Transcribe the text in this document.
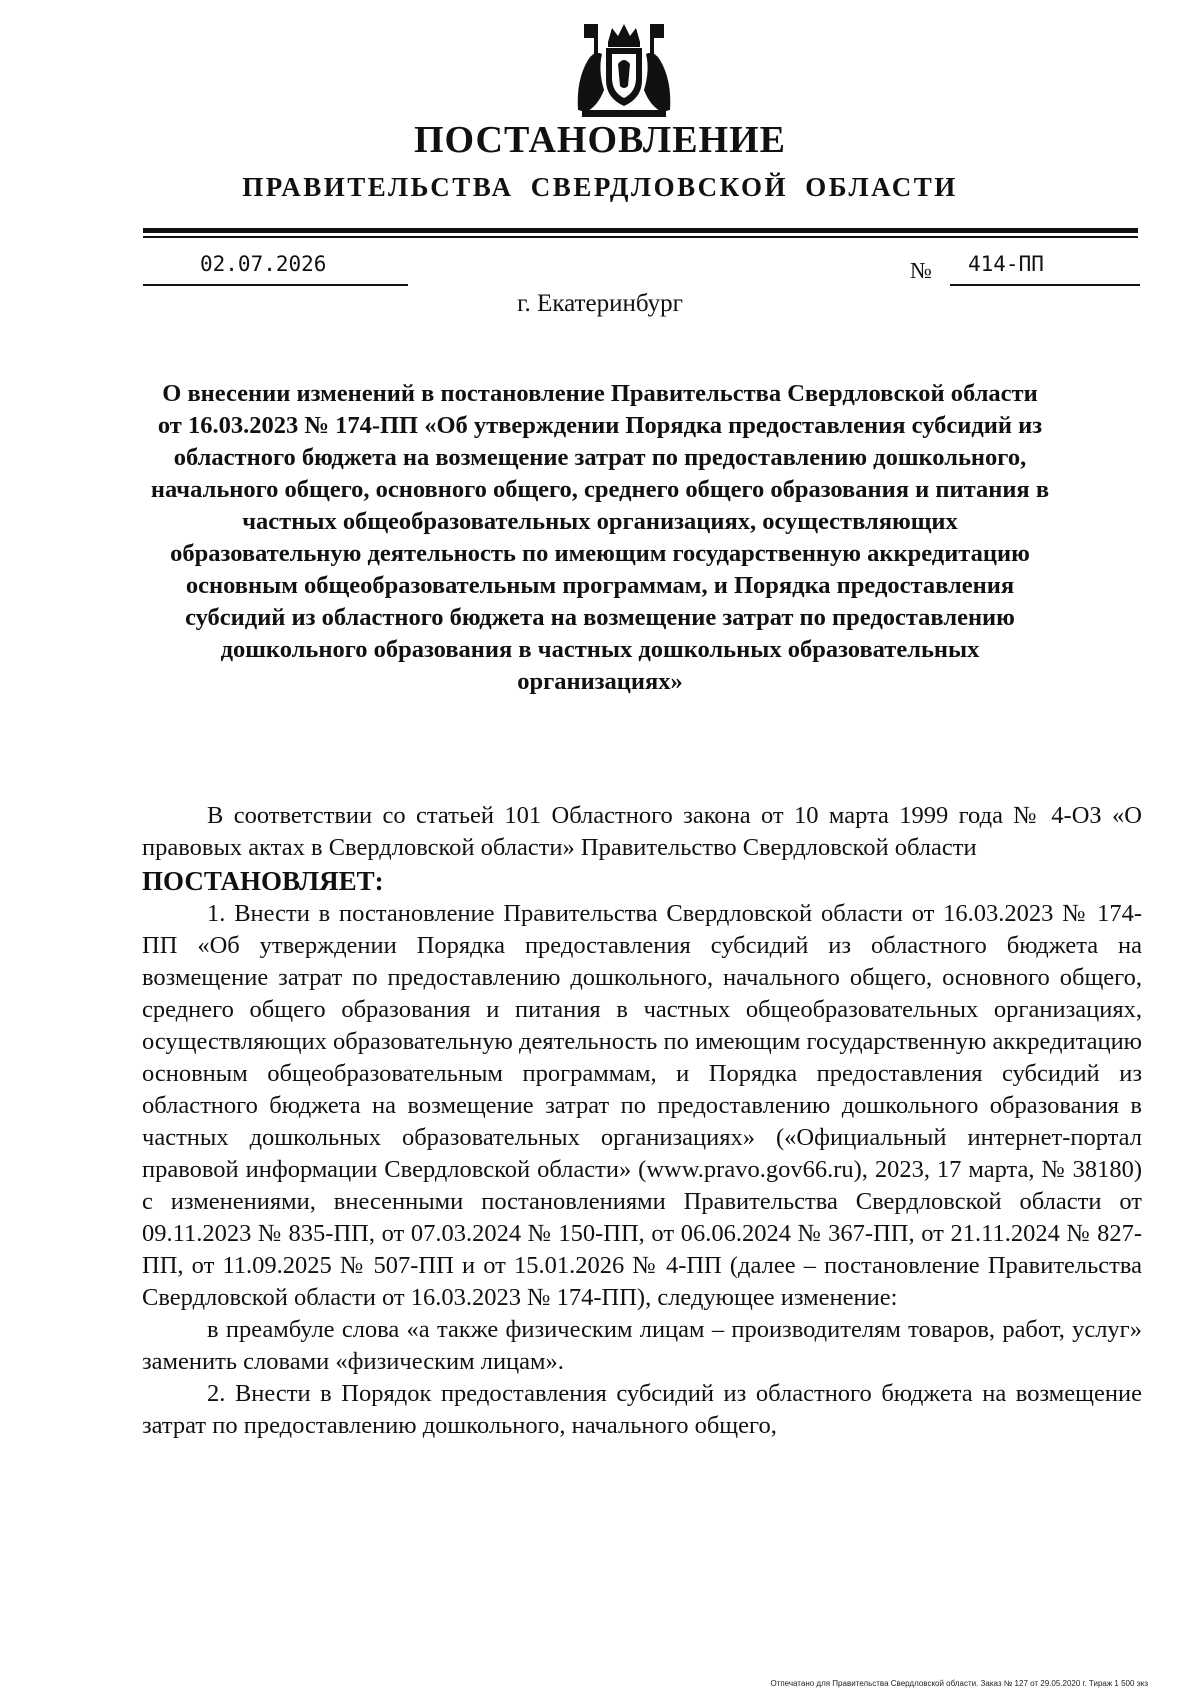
ПОСТАНОВЛЕНИЕ
ПРАВИТЕЛЬСТВА СВЕРДЛОВСКОЙ ОБЛАСТИ
02.07.2026	№ 414-ПП
г. Екатеринбург
О внесении изменений в постановление Правительства Свердловской области от 16.03.2023 № 174-ПП «Об утверждении Порядка предоставления субсидий из областного бюджета на возмещение затрат по предоставлению дошкольного, начального общего, основного общего, среднего общего образования и питания в частных общеобразовательных организациях, осуществляющих образовательную деятельность по имеющим государственную аккредитацию основным общеобразовательным программам, и Порядка предоставления субсидий из областного бюджета на возмещение затрат по предоставлению дошкольного образования в частных дошкольных образовательных организациях»

В соответствии со статьей 101 Областного закона от 10 марта 1999 года № 4-ОЗ «О правовых актах в Свердловской области» Правительство Свердловской области

ПОСТАНОВЛЯЕТ:

1. Внести в постановление Правительства Свердловской области от 16.03.2023 № 174-ПП «Об утверждении Порядка предоставления субсидий из областного бюджета на возмещение затрат по предоставлению дошкольного, начального общего, основного общего, среднего общего образования и питания в частных общеобразовательных организациях, осуществляющих образовательную деятельность по имеющим государственную аккредитацию основным общеобразовательным программам, и Порядка предоставления субсидий из областного бюджета на возмещение затрат по предоставлению дошкольного образования в частных дошкольных образовательных организациях» («Официальный интернет-портал правовой информации Свердловской области» (www.pravo.gov66.ru), 2023, 17 марта, № 38180) с изменениями, внесенными постановлениями Правительства Свердловской области от 09.11.2023 № 835-ПП, от 07.03.2024 № 150-ПП, от 06.06.2024 № 367-ПП, от 21.11.2024 № 827-ПП, от 11.09.2025 № 507-ПП и от 15.01.2026 № 4-ПП (далее – постановление Правительства Свердловской области от 16.03.2023 № 174-ПП), следующее изменение:

в преамбуле слова «а также физическим лицам – производителям товаров, работ, услуг» заменить словами «физическим лицам».

2. Внести в Порядок предоставления субсидий из областного бюджета на возмещение затрат по предоставлению дошкольного, начального общего,

Отпечатано для Правительства Свердловской области. Заказ № 127 от 29.05.2020 г. Тираж 1 500 экз
